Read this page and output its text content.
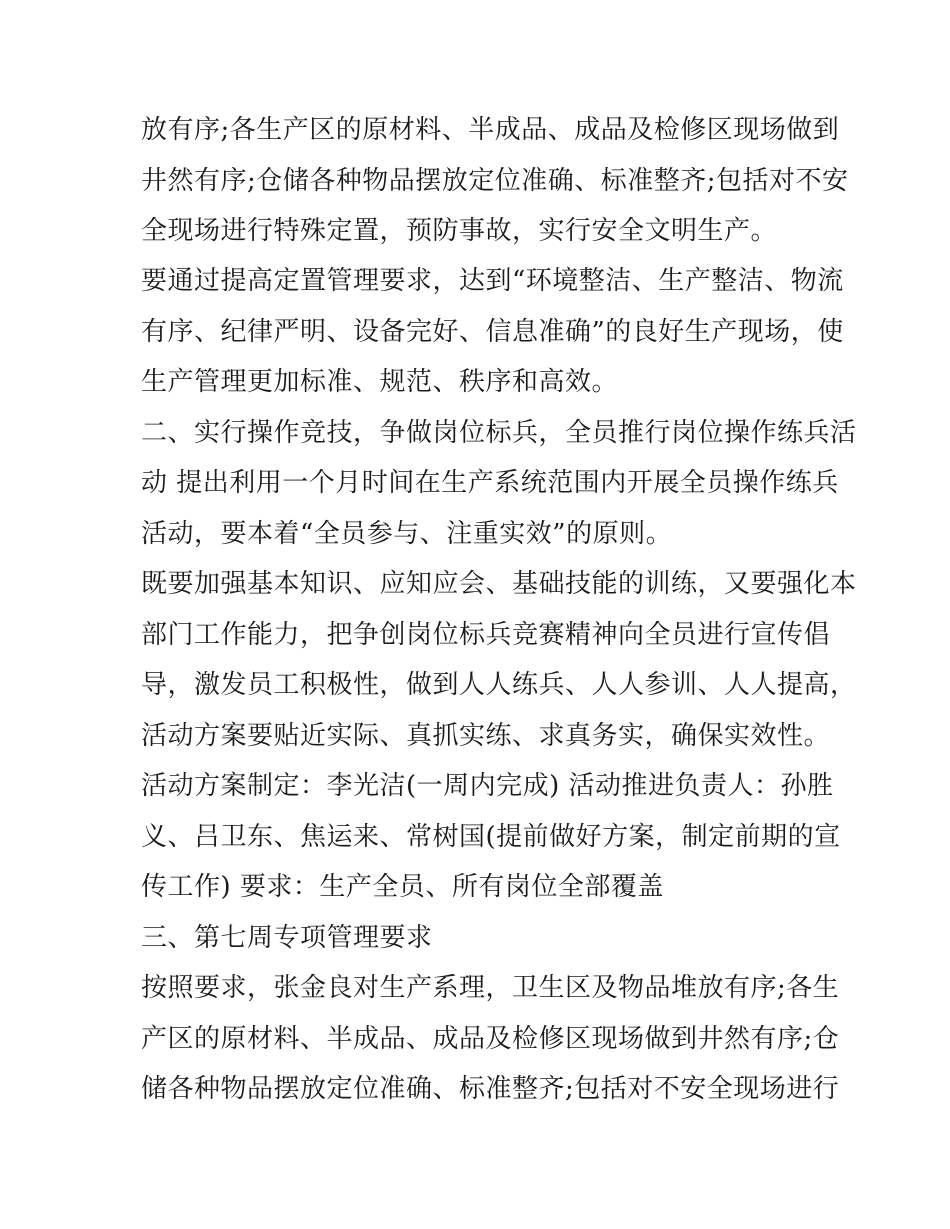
放有序;各生产区的原材料、半成品、成品及检修区现场做到
井然有序;仓储各种物品摆放定位准确、标准整齐;包括对不安
全现场进行特殊定置，预防事故，实行安全文明生产。
要通过提高定置管理要求，达到“环境整洁、生产整洁、物流
有序、纪律严明、设备完好、信息准确”的良好生产现场，使
生产管理更加标准、规范、秩序和高效。
二、实行操作竞技，争做岗位标兵，全员推行岗位操作练兵活
动 提出利用一个月时间在生产系统范围内开展全员操作练兵
活动，要本着“全员参与、注重实效”的原则。
既要加强基本知识、应知应会、基础技能的训练，又要强化本
部门工作能力，把争创岗位标兵竞赛精神向全员进行宣传倡
导，激发员工积极性，做到人人练兵、人人参训、人人提高，
活动方案要贴近实际、真抓实练、求真务实，确保实效性。
活动方案制定：李光洁(一周内完成) 活动推进负责人：孙胜
义、吕卫东、焦运来、常树国(提前做好方案，制定前期的宣
传工作) 要求：生产全员、所有岗位全部覆盖
三、第七周专项管理要求
按照要求，张金良对生产系理，卫生区及物品堆放有序;各生
产区的原材料、半成品、成品及检修区现场做到井然有序;仓
储各种物品摆放定位准确、标准整齐;包括对不安全现场进行
